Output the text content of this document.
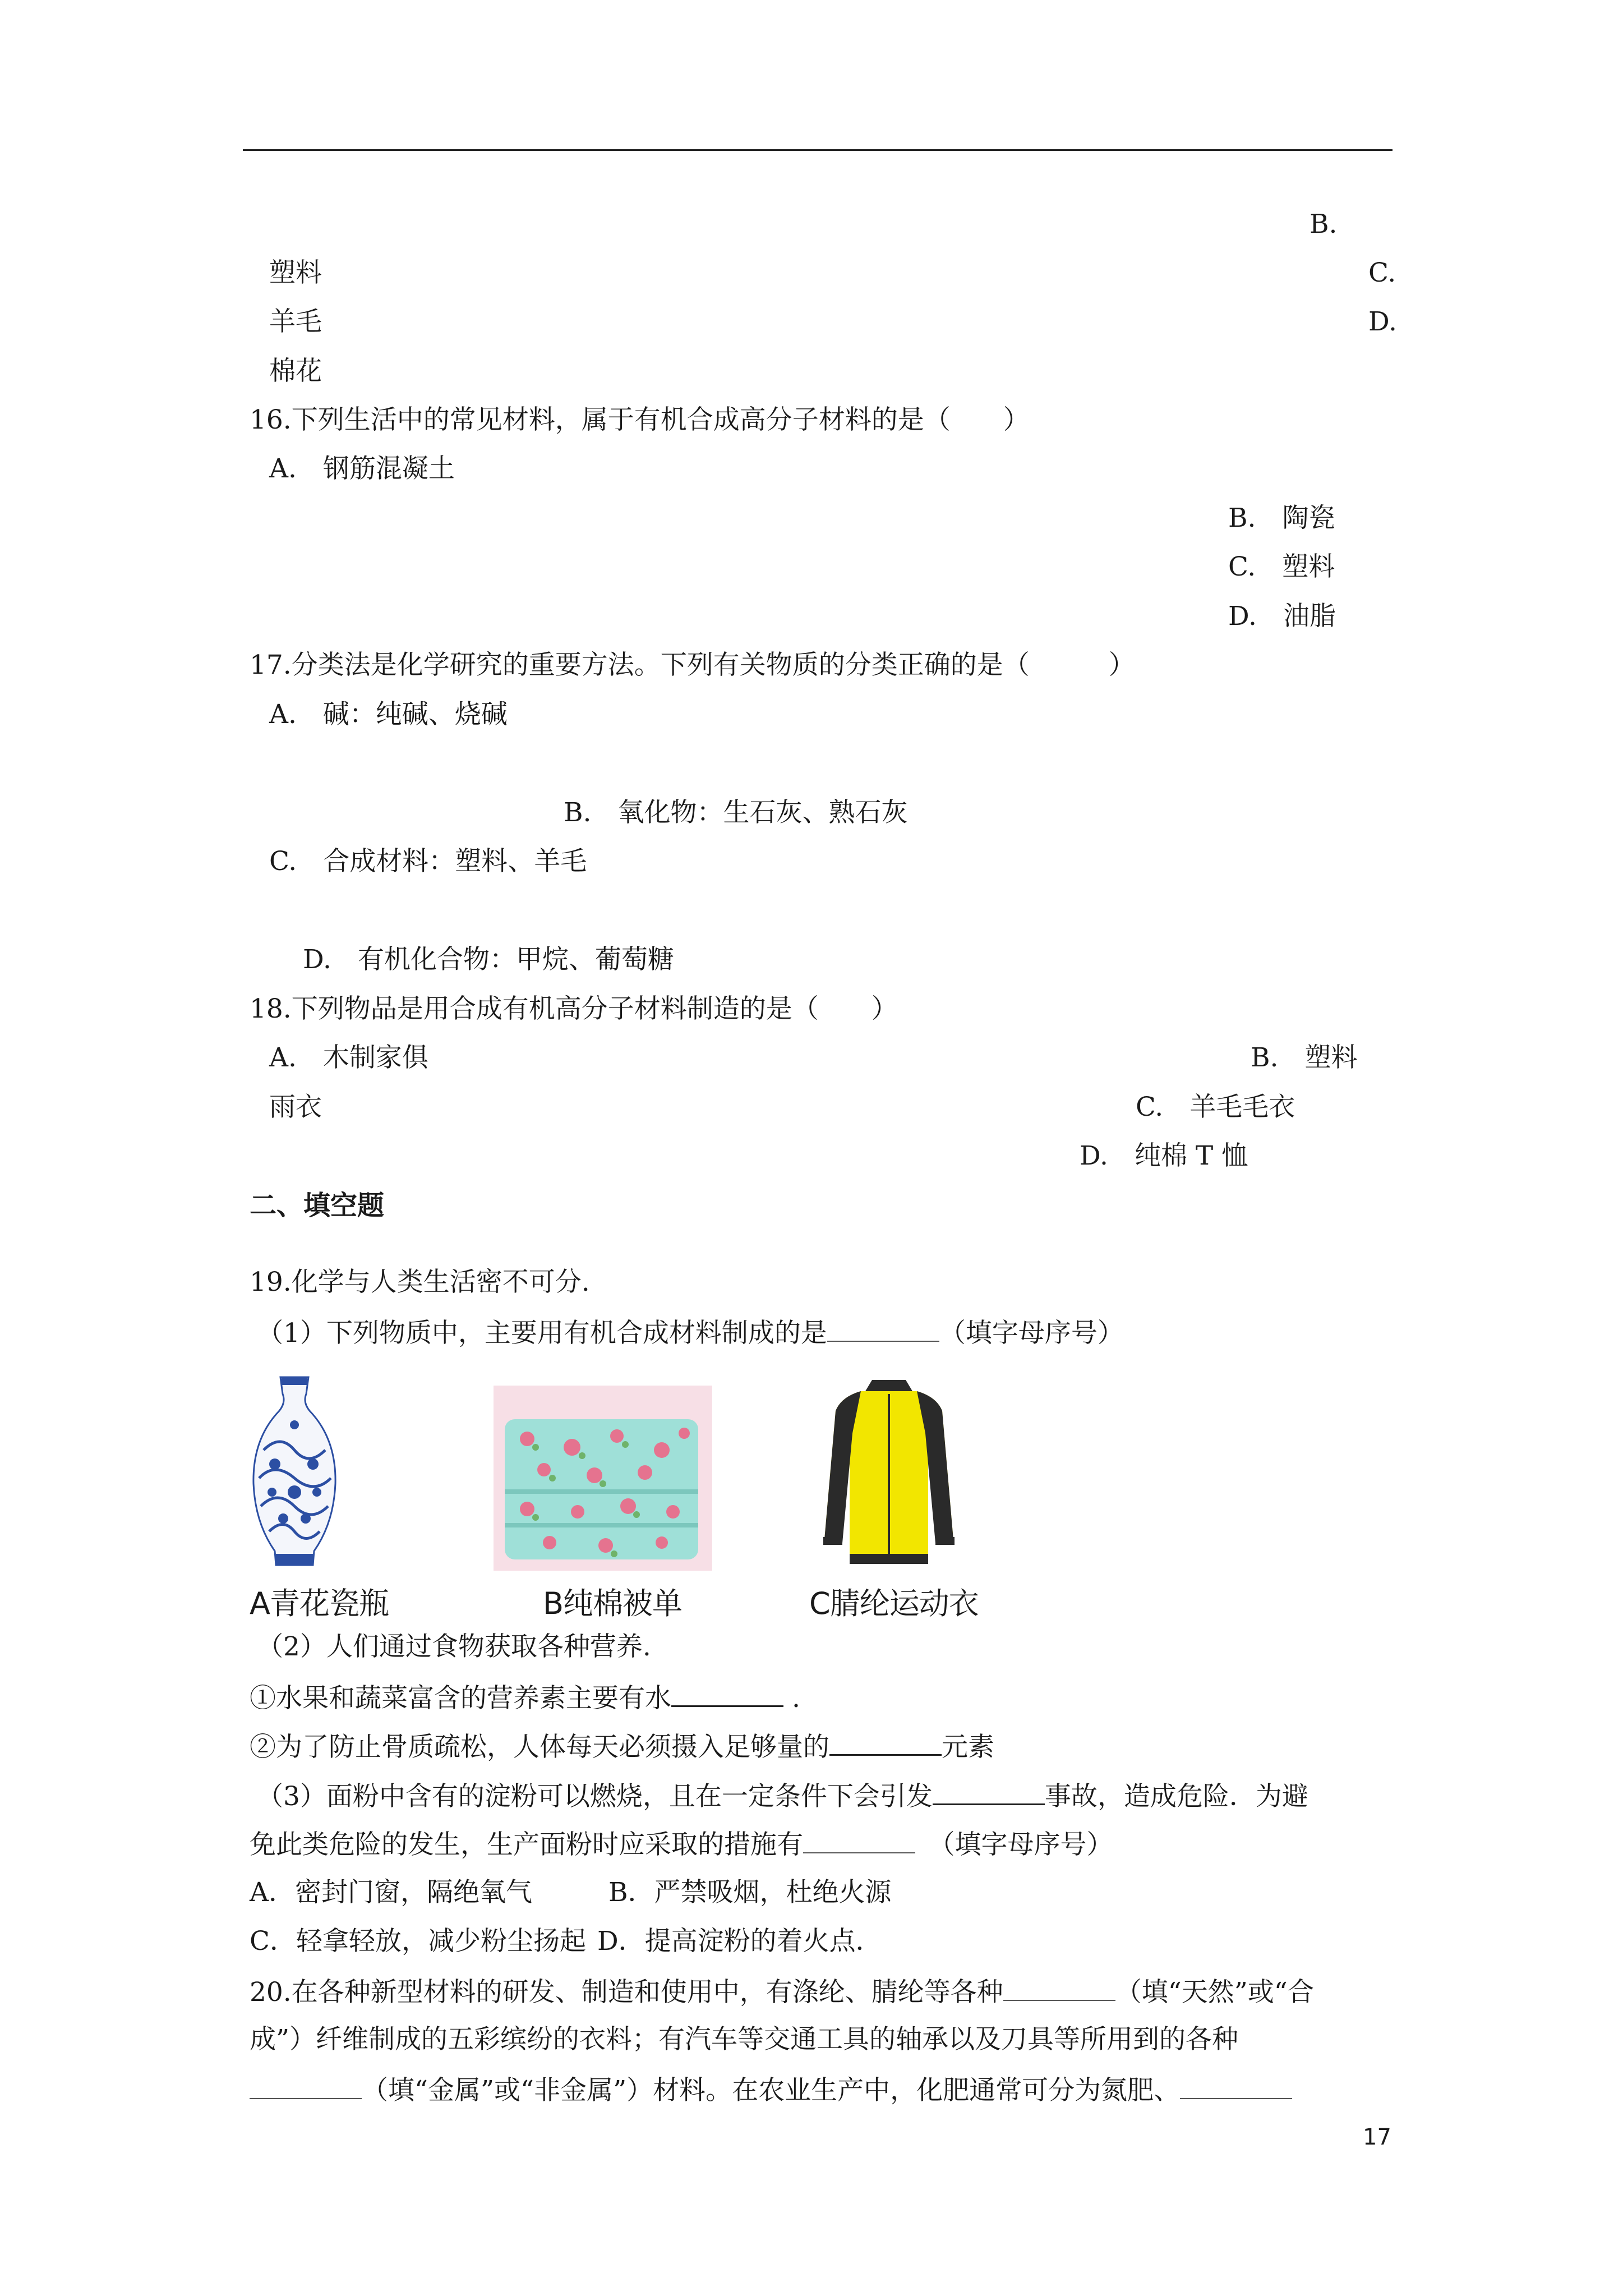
B.
塑料	C.
羊毛	D.
棉花
16.下列生活中的常见材料，属于有机合成高分子材料的是（　　）
A.　钢筋混凝土
B.　陶瓷
C.　塑料
D.　油脂
17.分类法是化学研究的重要方法。下列有关物质的分类正确的是（　　　）
A.　碱：纯碱、烧碱
B.　氧化物：生石灰、熟石灰
C.　合成材料：塑料、羊毛
D.　有机化合物：甲烷、葡萄糖
18.下列物品是用合成有机高分子材料制造的是（　　）
A.　木制家俱	B.　塑料
雨衣	C.　羊毛毛衣
D.　纯棉 T 恤
二、填空题
19.化学与人类生活密不可分.
（1）下列物质中，主要用有机合成材料制成的是	（填字母序号）
A青花瓷瓶	B纯棉被单	C腈纶运动衣
（2）人们通过食物获取各种营养.
①水果和蔬菜富含的营养素主要有水	.
②为了防止骨质疏松，人体每天必须摄入足够量的	元素
（3）面粉中含有的淀粉可以燃烧，且在一定条件下会引发	事故，造成危险．为避
免此类危险的发生，生产面粉时应采取的措施有	　（填字母序号）
A．密封门窗，隔绝氧气	B．严禁吸烟，杜绝火源
C．轻拿轻放，减少粉尘扬起 D．提高淀粉的着火点．
20.在各种新型材料的研发、制造和使用中，有涤纶、腈纶等各种	（填“天然”或“合
成”）纤维制成的五彩缤纷的衣料；有汽车等交通工具的轴承以及刀具等所用到的各种
（填“金属”或“非金属”）材料。在农业生产中，化肥通常可分为氮肥、
17
